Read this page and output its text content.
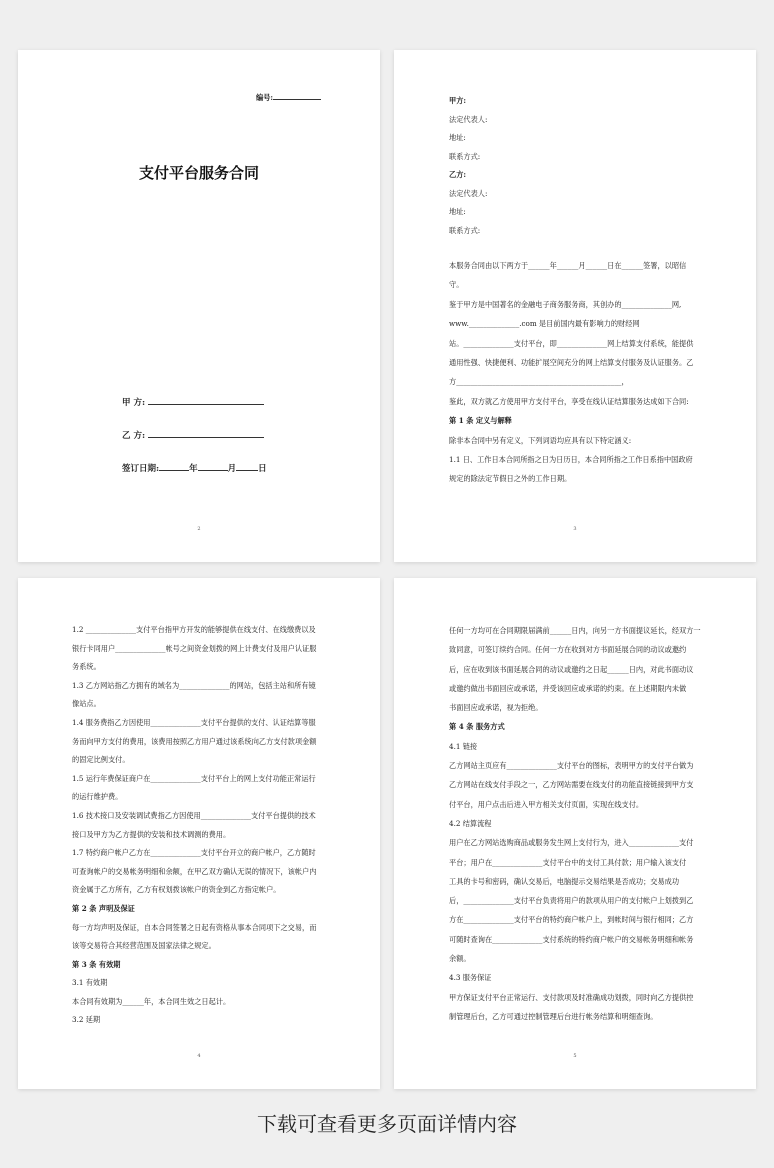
编号:
支付平台服务合同
甲 方:
乙 方:
签订日期:	年	月	日
2

甲方:

法定代表人:

地址:

联系方式:

乙方:

法定代表人:

地址:

联系方式:

本服务合同由以下两方于______年______月______日在______签署，以昭信

守。

鉴于甲方是中国著名的金融电子商务服务商，其创办的______________网,

www.______________.com 是目前国内最有影响力的财经网

站。______________支付平台，即______________网上结算支付系统，能提供

通用性强、快捷便利、功能扩展空间充分的网上结算支付服务及认证服务。乙

方______________________________________________，

鉴此，双方就乙方使用甲方支付平台，享受在线认证结算服务达成如下合同:

第 1 条 定义与解释

除非本合同中另有定义，下列词语均应具有以下特定涵义:

1.1 日、工作日本合同所指之日为日历日，本合同所指之工作日系指中国政府

规定的除法定节假日之外的工作日期。

3

1.2 ______________支付平台指甲方开发的能够提供在线支付、在线缴费以及

银行卡同用户______________帐号之间资金划拨的网上计费支付及用户认证服

务系统。

1.3 乙方网站指乙方拥有的域名为______________的网站，包括主站和所有镜

像站点。

1.4 服务费指乙方因使用______________支付平台提供的支付、认证结算等服

务而向甲方支付的费用，该费用按照乙方用户通过该系统向乙方支付款项金额

的固定比例支付。

1.5 运行年费保证商户在______________支付平台上的网上支付功能正常运行

的运行维护费。

1.6 技术接口及安装调试费指乙方因使用______________支付平台提供的技术

接口及甲方为乙方提供的安装和技术调测的费用。

1.7 特约商户帐户乙方在______________支付平台开立的商户帐户，乙方随时

可查询帐户的交易帐务明细和余额，在甲乙双方确认无误的情况下，该帐户内

资金属于乙方所有，乙方有权划拨该帐户的资金到乙方指定帐户。

第 2 条 声明及保证

每一方均声明及保证，自本合同签署之日起有资格从事本合同项下之交易，而

该等交易符合其经营范围及国家法律之规定。

第 3 条 有效期

3.1 有效期

本合同有效期为______年，本合同生效之日起计。

3.2 延期

4

任何一方均可在合同期限届满前______日内，向另一方书面提议延长，经双方一

致同意，可签订续约合同。任何一方在收到对方书面延展合同的动议或邀约

后，应在收到该书面延展合同的动议或邀约之日起______日内，对此书面动议

或邀约做出书面回应或承诺，并受该回应或承诺的约束。在上述期限内未做

书面回应或承诺，视为拒绝。

第 4 条 服务方式

4.1 链接

乙方网站主页应有______________支付平台的图标，表明甲方的支付平台做为

乙方网站在线支付手段之一，乙方网站需要在线支付的功能直接链接到甲方支

付平台，用户点击后进入甲方相关支付页面，实现在线支付。

4.2 结算流程

用户在乙方网站选购商品或服务发生网上支付行为，进入______________支付

平台；用户在______________支付平台中的支付工具付款；用户输入该支付

工具的卡号和密码，确认交易后，电脑提示交易结果是否成功；交易成功

后，______________支付平台负责将用户的款项从用户的支付帐户上划拨到乙

方在______________支付平台的特约商户帐户上，到帐时间与银行相同；乙方

可随时查询在______________支付系统的特约商户帐户的交易帐务明细和帐务

余额。

4.3 服务保证

甲方保证支付平台正常运行、支付款项及时准确成功划拨，同时向乙方提供控

制管理后台，乙方可通过控制管理后台进行帐务结算和明细查询。

5
下载可查看更多页面详情内容
